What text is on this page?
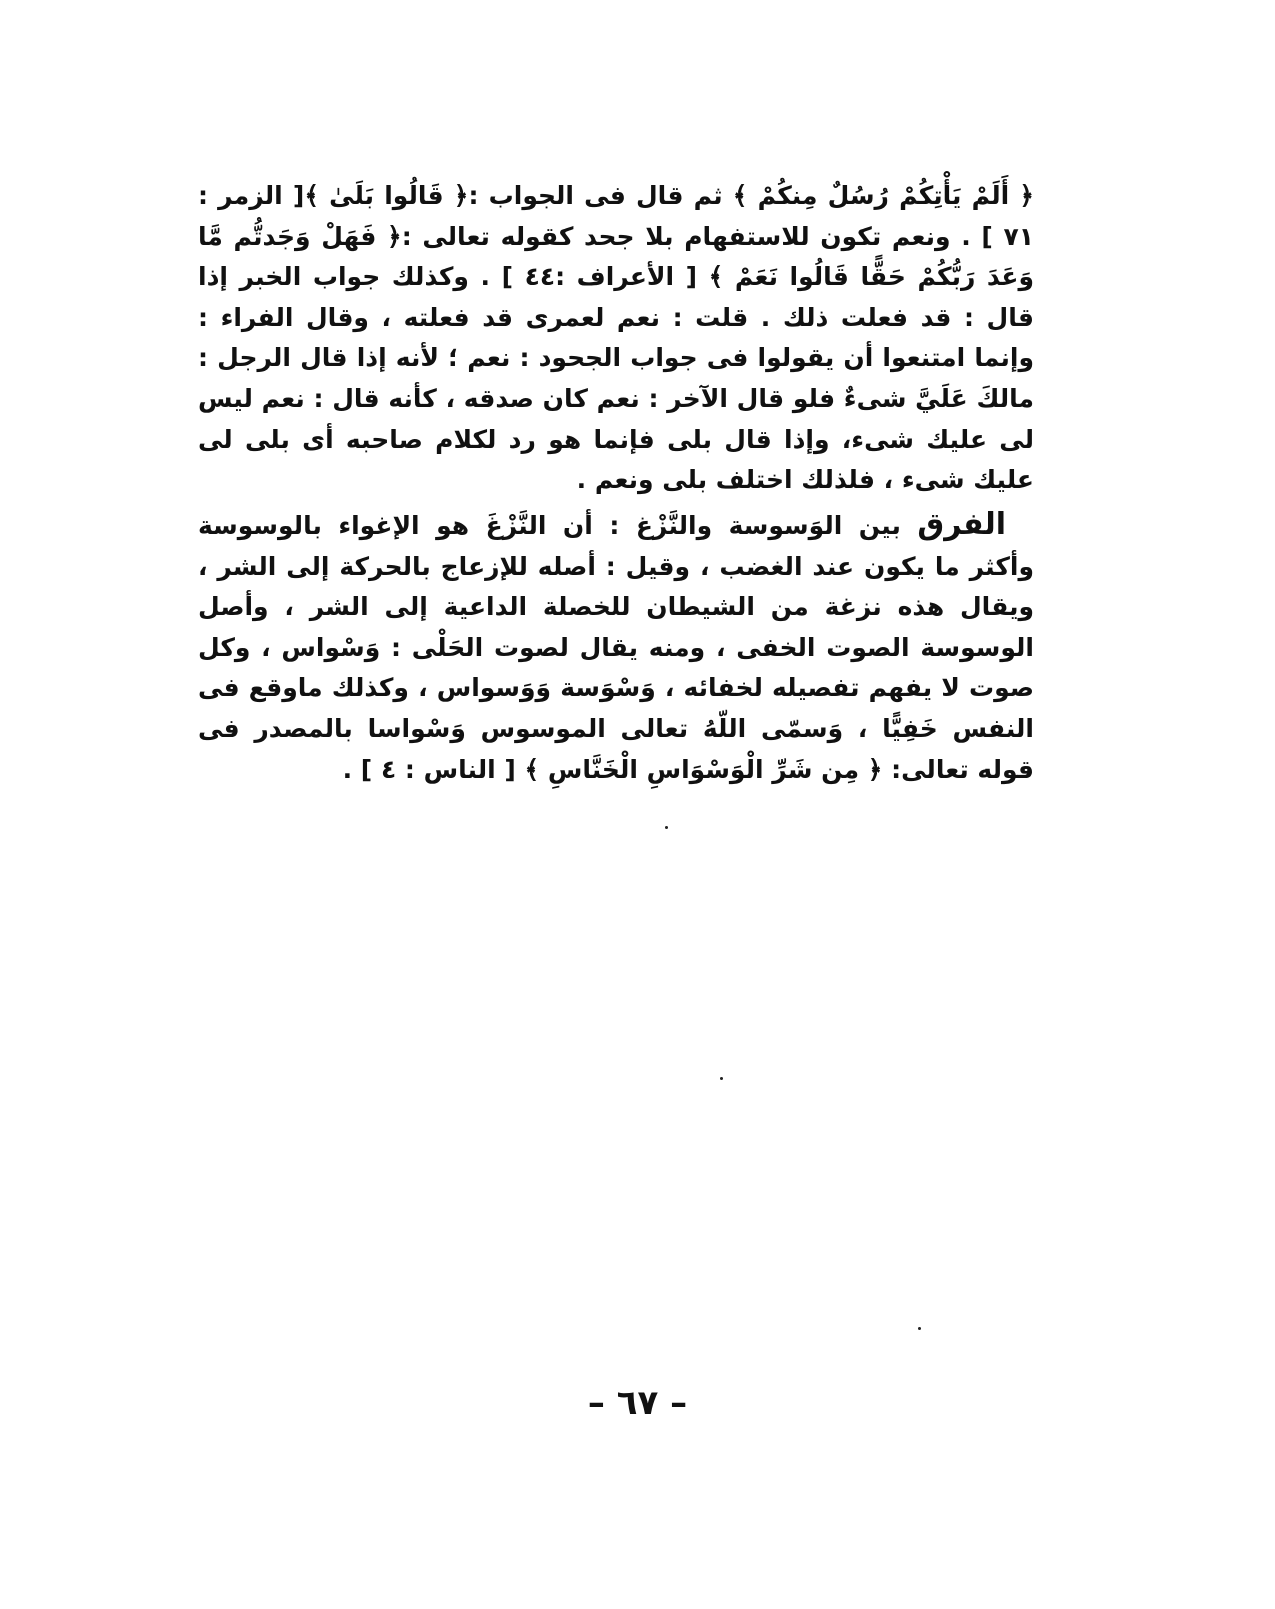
﴿ أَلَمْ يَأْتِكُمْ رُسُلٌ مِنكُمْ ﴾ ثم قال فى الجواب :﴿ قَالُوا بَلَىٰ ﴾[ الزمر : ٧١ ] . ونعم تكون للاستفهام بلا جحد كقوله تعالى :﴿ فَهَلْ وَجَدتُّم مَّا وَعَدَ رَبُّكُمْ حَقًّا قَالُوا نَعَمْ ﴾ [ الأعراف :٤٤ ] . وكذلك جواب الخبر إذا قال : قد فعلت ذلك . قلت : نعم لعمرى قد فعلته ، وقال الفراء : وإنما امتنعوا أن يقولوا فى جواب الجحود : نعم ؛ لأنه إذا قال الرجل : مالكَ عَلَيَّ شىءٌ فلو قال الآخر : نعم كان صدقه ، كأنه قال : نعم ليس لى عليك شىء، وإذا قال بلى فإنما هو رد لكلام صاحبه أى بلى لى عليك شىء ، فلذلك اختلف بلى ونعم .
الفرق بين الوَسوسة والنَّزْغ : أن النَّزْغَ هو الإغواء بالوسوسة وأكثر ما يكون عند الغضب ، وقيل : أصله للإزعاج بالحركة إلى الشر ، ويقال هذه نزغة من الشيطان للخصلة الداعية إلى الشر ، وأصل الوسوسة الصوت الخفى ، ومنه يقال لصوت الحَلْى : وَسْواس ، وكل صوت لا يفهم تفصيله لخفائه ، وَسْوَسة وَوَسواس ، وكذلك ماوقع فى النفس خَفِيًّا ، وَسمّى اللّهُ تعالى الموسوس وَسْواسا بالمصدر فى قوله تعالى: ﴿ مِن شَرِّ الْوَسْوَاسِ الْخَنَّاسِ ﴾ [ الناس : ٤ ] .
– ٦٧ –
